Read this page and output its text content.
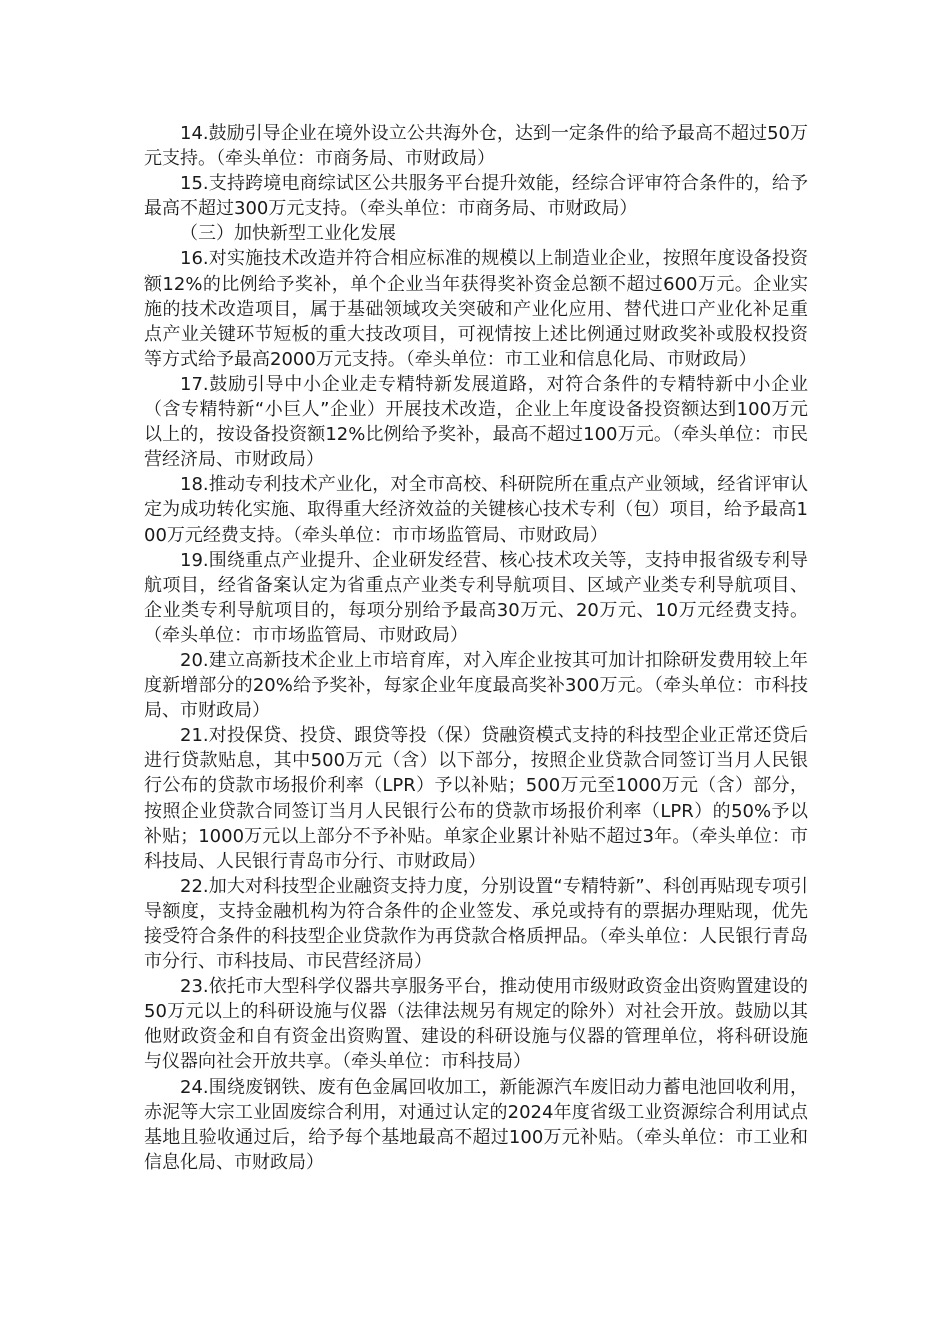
14.鼓励引导企业在境外设立公共海外仓，达到一定条件的给予最高不超过50万元支持。（牵头单位：市商务局、市财政局）

15.支持跨境电商综试区公共服务平台提升效能，经综合评审符合条件的，给予最高不超过300万元支持。（牵头单位：市商务局、市财政局）

（三）加快新型工业化发展

16.对实施技术改造并符合相应标准的规模以上制造业企业，按照年度设备投资额12%的比例给予奖补，单个企业当年获得奖补资金总额不超过600万元。企业实施的技术改造项目，属于基础领域攻关突破和产业化应用、替代进口产业化补足重点产业关键环节短板的重大技改项目，可视情按上述比例通过财政奖补或股权投资等方式给予最高2000万元支持。（牵头单位：市工业和信息化局、市财政局）

17.鼓励引导中小企业走专精特新发展道路，对符合条件的专精特新中小企业（含专精特新“小巨人”企业）开展技术改造，企业上年度设备投资额达到100万元以上的，按设备投资额12%比例给予奖补，最高不超过100万元。（牵头单位：市民营经济局、市财政局）

18.推动专利技术产业化，对全市高校、科研院所在重点产业领域，经省评审认定为成功转化实施、取得重大经济效益的关键核心技术专利（包）项目，给予最高100万元经费支持。（牵头单位：市市场监管局、市财政局）

19.围绕重点产业提升、企业研发经营、核心技术攻关等，支持申报省级专利导航项目，经省备案认定为省重点产业类专利导航项目、区域产业类专利导航项目、企业类专利导航项目的，每项分别给予最高30万元、20万元、10万元经费支持。（牵头单位：市市场监管局、市财政局）

20.建立高新技术企业上市培育库，对入库企业按其可加计扣除研发费用较上年度新增部分的20%给予奖补，每家企业年度最高奖补300万元。（牵头单位：市科技局、市财政局）

21.对投保贷、投贷、跟贷等投（保）贷融资模式支持的科技型企业正常还贷后进行贷款贴息，其中500万元（含）以下部分，按照企业贷款合同签订当月人民银行公布的贷款市场报价利率（LPR）予以补贴；500万元至1000万元（含）部分，按照企业贷款合同签订当月人民银行公布的贷款市场报价利率（LPR）的50%予以补贴；1000万元以上部分不予补贴。单家企业累计补贴不超过3年。（牵头单位：市科技局、人民银行青岛市分行、市财政局）

22.加大对科技型企业融资支持力度，分别设置“专精特新”、科创再贴现专项引导额度，支持金融机构为符合条件的企业签发、承兑或持有的票据办理贴现，优先接受符合条件的科技型企业贷款作为再贷款合格质押品。（牵头单位：人民银行青岛市分行、市科技局、市民营经济局）

23.依托市大型科学仪器共享服务平台，推动使用市级财政资金出资购置建设的50万元以上的科研设施与仪器（法律法规另有规定的除外）对社会开放。鼓励以其他财政资金和自有资金出资购置、建设的科研设施与仪器的管理单位，将科研设施与仪器向社会开放共享。（牵头单位：市科技局）

24.围绕废钢铁、废有色金属回收加工，新能源汽车废旧动力蓄电池回收利用，赤泥等大宗工业固废综合利用，对通过认定的2024年度省级工业资源综合利用试点基地且验收通过后，给予每个基地最高不超过100万元补贴。（牵头单位：市工业和信息化局、市财政局）
